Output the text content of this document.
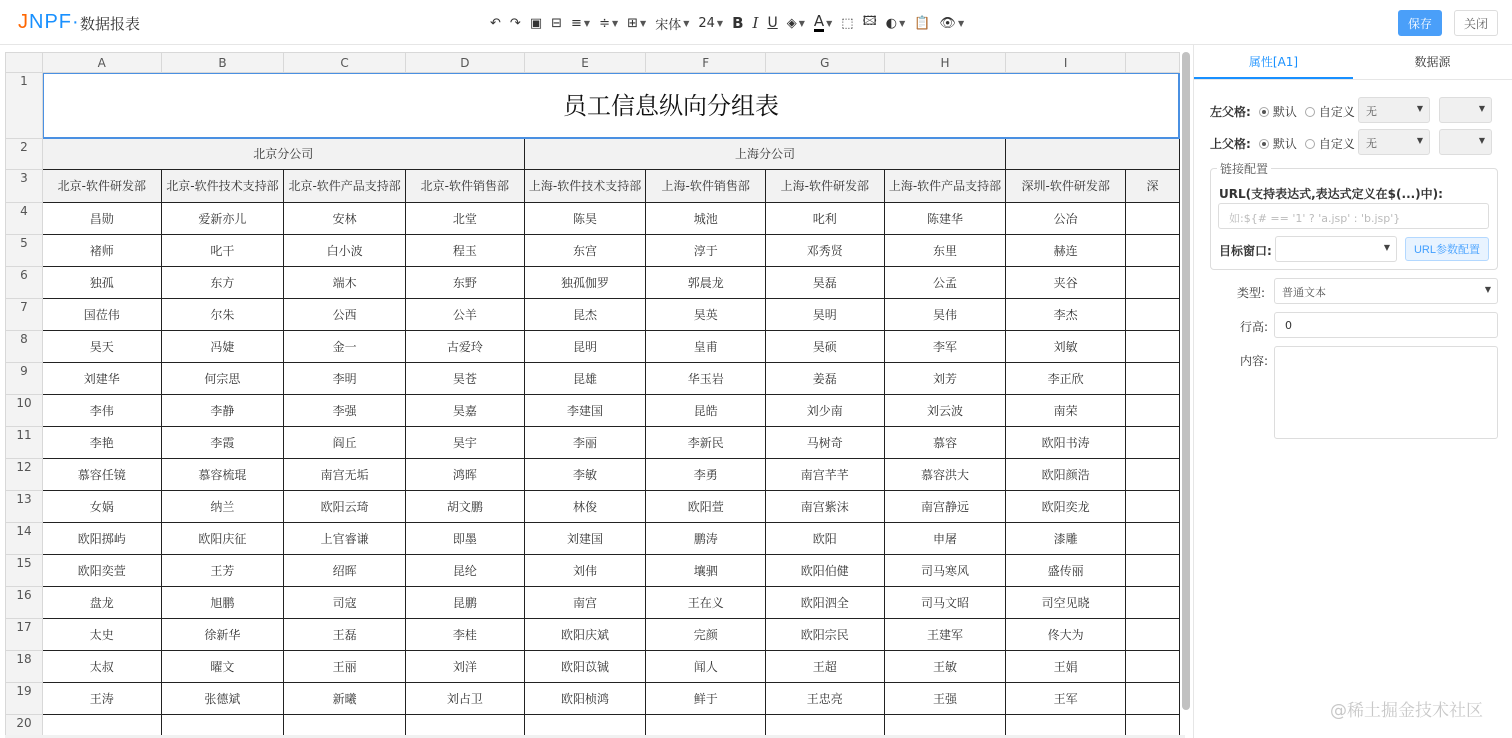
JNPF· 数据报表	↶ ↷ ▣ ⊟ ≡ ▼ ≑ ▼ ⊞ ▼ 宋体 ▼ 24 ▼ B I U ◈ ▼ A ▼ ⬚ 🖾 ◐ ▼ 📋 👁 ▼	保存	关闭
	A	B	C	D	E	F	G	H	I	
1	员工信息纵向分组表									
2	北京分公司				上海分公司					
3	北京-软件研发部	北京-软件技术支持部	北京-软件产品支持部	北京-软件销售部	上海-软件技术支持部	上海-软件销售部	上海-软件研发部	上海-软件产品支持部	深圳-软件研发部	深
4	昌勋	爱新亦儿	安林	北堂	陈昊	城池	叱利	陈建华	公冶	
5	褚师	叱干	白小波	程玉	东宫	淳于	邓秀贤	东里	赫连	
6	独孤	东方	端木	东野	独孤伽罗	郭晨龙	昊磊	公孟	夹谷	
7	国莅伟	尔朱	公西	公羊	昆杰	昊英	昊明	昊伟	李杰	
8	昊天	冯婕	金一	古爱玲	昆明	皇甫	昊硕	李军	刘敏	
9	刘建华	何宗思	李明	昊苍	昆雄	华玉岩	姜磊	刘芳	李正欣	
10	李伟	李静	李强	昊嘉	李建国	昆皓	刘少南	刘云波	南荣	
11	李艳	李霞	阎丘	昊宇	李丽	李新民	马树奇	慕容	欧阳书涛	
12	慕容任镜	慕容梳琨	南宫无垢	鸿晖	李敏	李勇	南宫芊芊	慕容洪大	欧阳颜浩	
13	女娲	纳兰	欧阳云琦	胡文鹏	林俊	欧阳萱	南宫紫沫	南宫静远	欧阳奕龙	
14	欧阳掷屿	欧阳庆征	上官睿谦	即墨	刘建国	鹏涛	欧阳	申屠	漆雕	
15	欧阳奕萱	王芳	绍晖	昆纶	刘伟	壤驷	欧阳伯健	司马寒风	盛传丽	
16	盘龙	旭鹏	司寇	昆鹏	南宫	王在义	欧阳泗全	司马文昭	司空见晓	
17	太史	徐新华	王磊	李桂	欧阳庆斌	完颜	欧阳宗民	王建军	佟大为	
18	太叔	曜文	王丽	刘洋	欧阳苡铖	闻人	王超	王敏	王娟	
19	王涛	张德斌	新曦	刘占卫	欧阳桢鸿	鲜于	王忠亮	王强	王军	
20										
属性[A1]	数据源
左父格: 默认 自定义	无	▼	▼
上父格: 默认 自定义	无	▼	▼
链接配置
URL(支持表达式,表达式定义在$(...)中):
如:${# == '1' ? 'a.jsp' : 'b.jsp'}
目标窗口:	▼	URL参数配置
类型:	普通文本	▼
行高:	0
内容:
@稀土掘金技术社区
